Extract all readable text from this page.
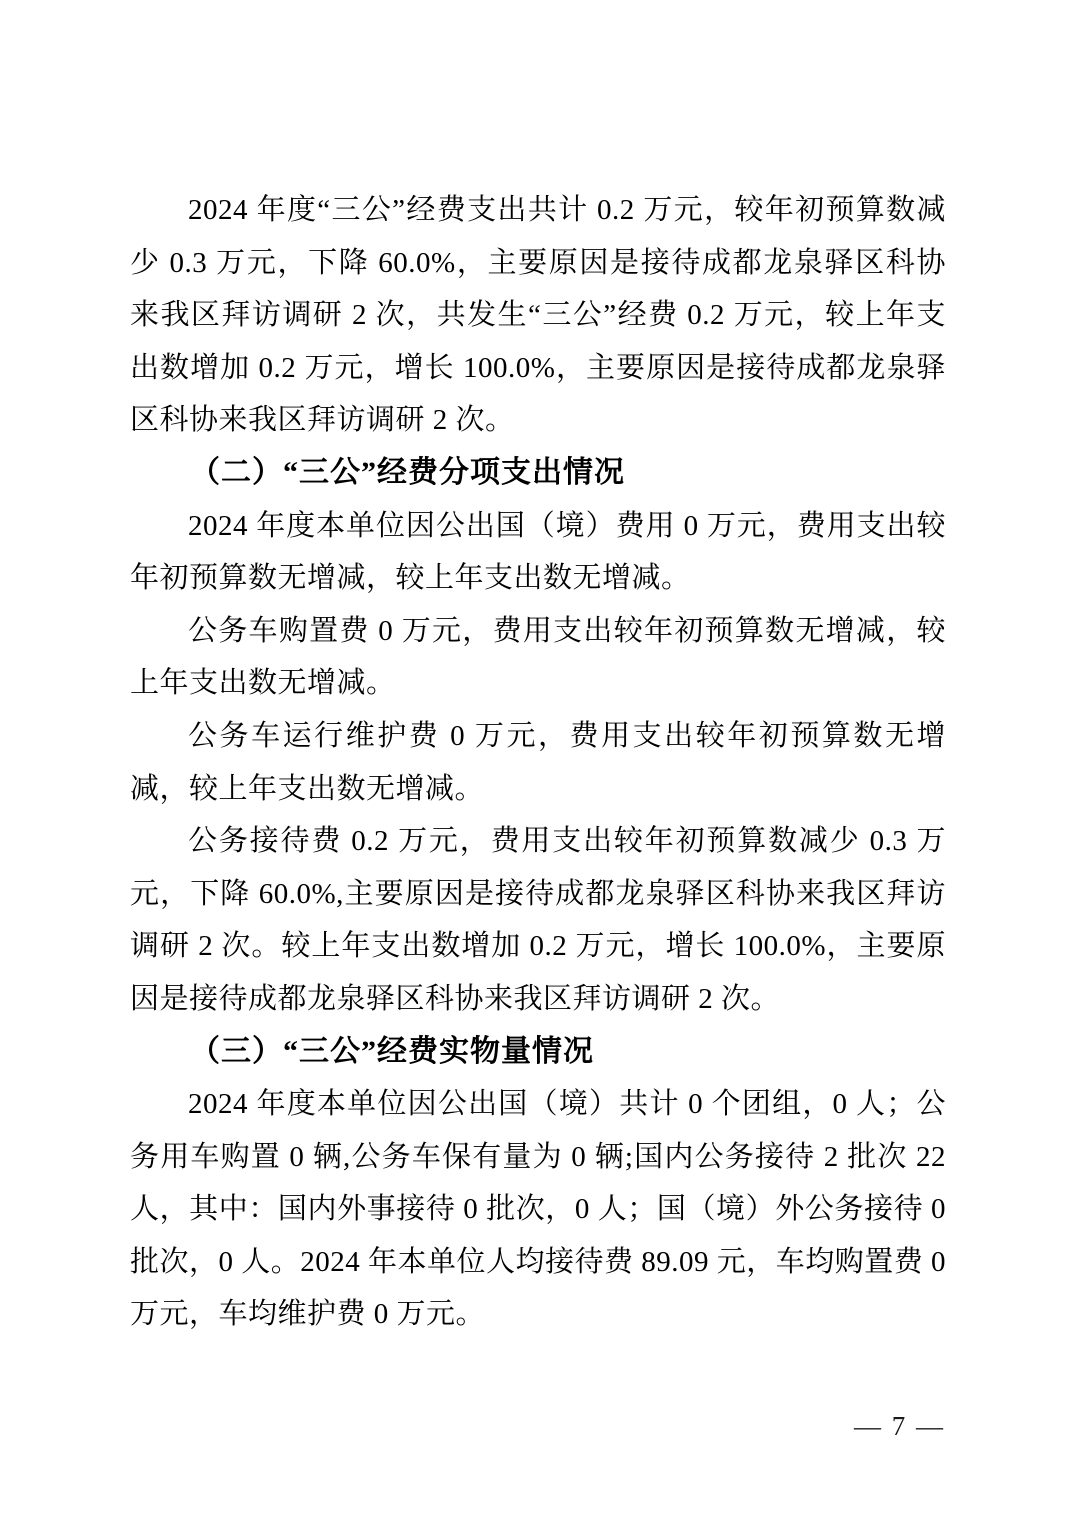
2024 年度“三公”经费支出共计 0.2 万元，较年初预算数减少 0.3 万元，下降 60.0%，主要原因是接待成都龙泉驿区科协来我区拜访调研 2 次，共发生“三公”经费 0.2 万元，较上年支出数增加 0.2 万元，增长 100.0%，主要原因是接待成都龙泉驿区科协来我区拜访调研 2 次。

（二）“三公”经费分项支出情况

2024 年度本单位因公出国（境）费用 0 万元，费用支出较年初预算数无增减，较上年支出数无增减。

公务车购置费 0 万元，费用支出较年初预算数无增减，较上年支出数无增减。

公务车运行维护费 0 万元，费用支出较年初预算数无增减，较上年支出数无增减。

公务接待费 0.2 万元，费用支出较年初预算数减少 0.3 万元，下降 60.0%,主要原因是接待成都龙泉驿区科协来我区拜访调研 2 次。较上年支出数增加 0.2 万元，增长 100.0%，主要原因是接待成都龙泉驿区科协来我区拜访调研 2 次。

（三）“三公”经费实物量情况

2024 年度本单位因公出国（境）共计 0 个团组，0 人；公务用车购置 0 辆,公务车保有量为 0 辆;国内公务接待 2 批次 22 人，其中：国内外事接待 0 批次，0 人；国（境）外公务接待 0 批次，0 人。2024 年本单位人均接待费 89.09 元，车均购置费 0 万元，车均维护费 0 万元。

— 7 —
